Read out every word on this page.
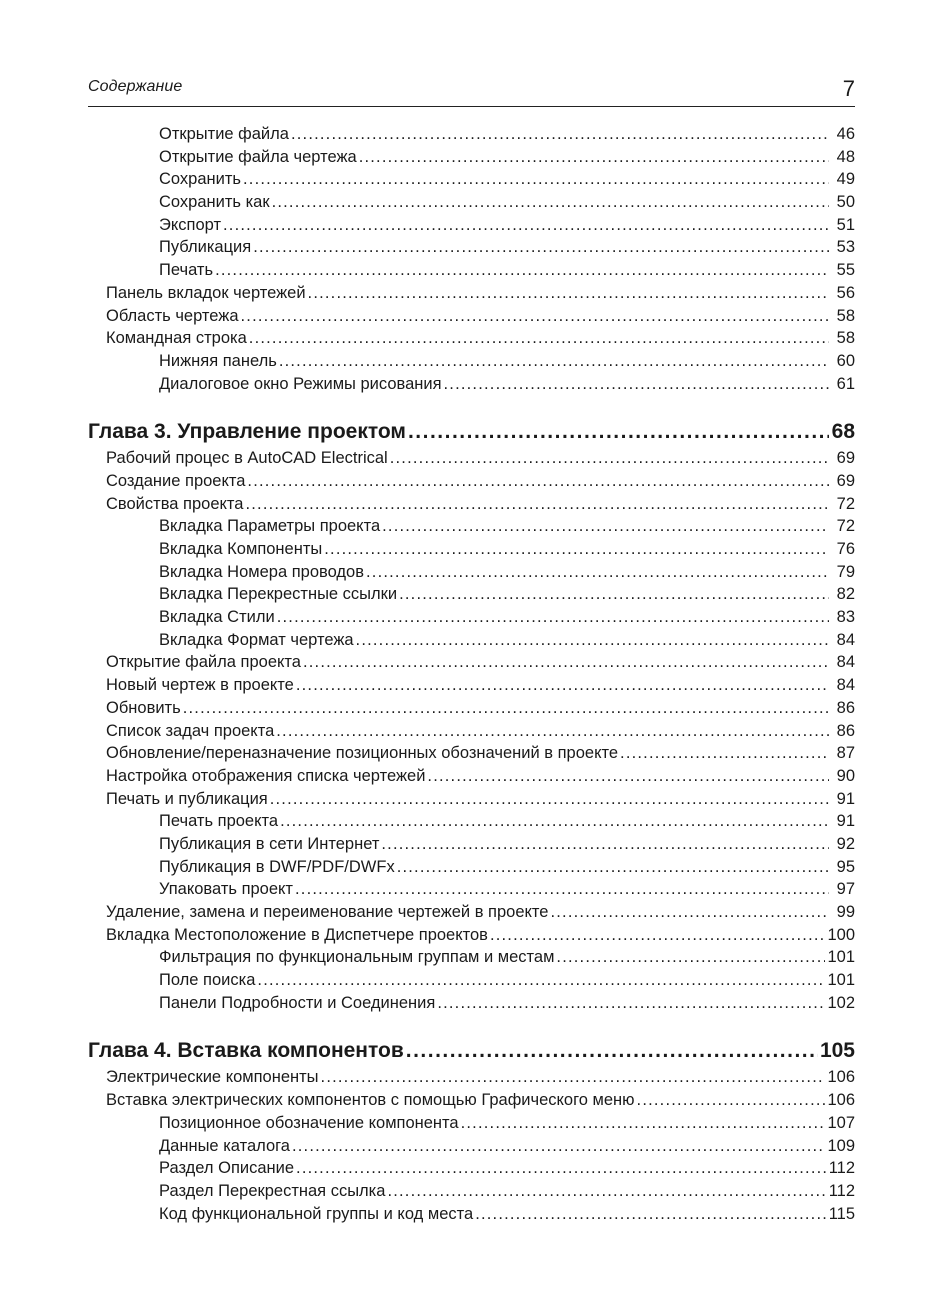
Содержание	7
Открытие файла .....	46
Открытие файла чертежа .....	48
Сохранить .....	49
Сохранить как .....	50
Экспорт .....	51
Публикация .....	53
Печать .....	55
Панель вкладок чертежей .....	56
Область чертежа .....	58
Командная строка .....	58
Нижняя панель .....	60
Диалоговое окно Режимы рисования .....	61
Глава 3. Управление проектом .....	68
Рабочий процес в AutoCAD Electrical .....	69
Создание проекта .....	69
Свойства проекта .....	72
Вкладка Параметры проекта .....	72
Вкладка Компоненты .....	76
Вкладка Номера проводов .....	79
Вкладка Перекрестные ссылки .....	82
Вкладка Стили .....	83
Вкладка Формат чертежа .....	84
Открытие файла проекта .....	84
Новый чертеж в проекте .....	84
Обновить .....	86
Список задач проекта .....	86
Обновление/переназначение позиционных обозначений в проекте .....	87
Настройка отображения списка чертежей .....	90
Печать и публикация .....	91
Печать проекта .....	91
Публикация в сети Интернет .....	92
Публикация в DWF/PDF/DWFx .....	95
Упаковать проект .....	97
Удаление, замена и переименование чертежей в проекте .....	99
Вкладка Местоположение в Диспетчере проектов .....	100
Фильтрация по функциональным группам и местам .....	101
Поле поиска .....	101
Панели Подробности и Соединения .....	102
Глава 4. Вставка компонентов .....	105
Электрические компоненты .....	106
Вставка электрических компонентов с помощью Графического меню .....	106
Позиционное обозначение компонента .....	107
Данные каталога .....	109
Раздел Описание .....	112
Раздел Перекрестная ссылка .....	112
Код функциональной группы и код места .....	115
